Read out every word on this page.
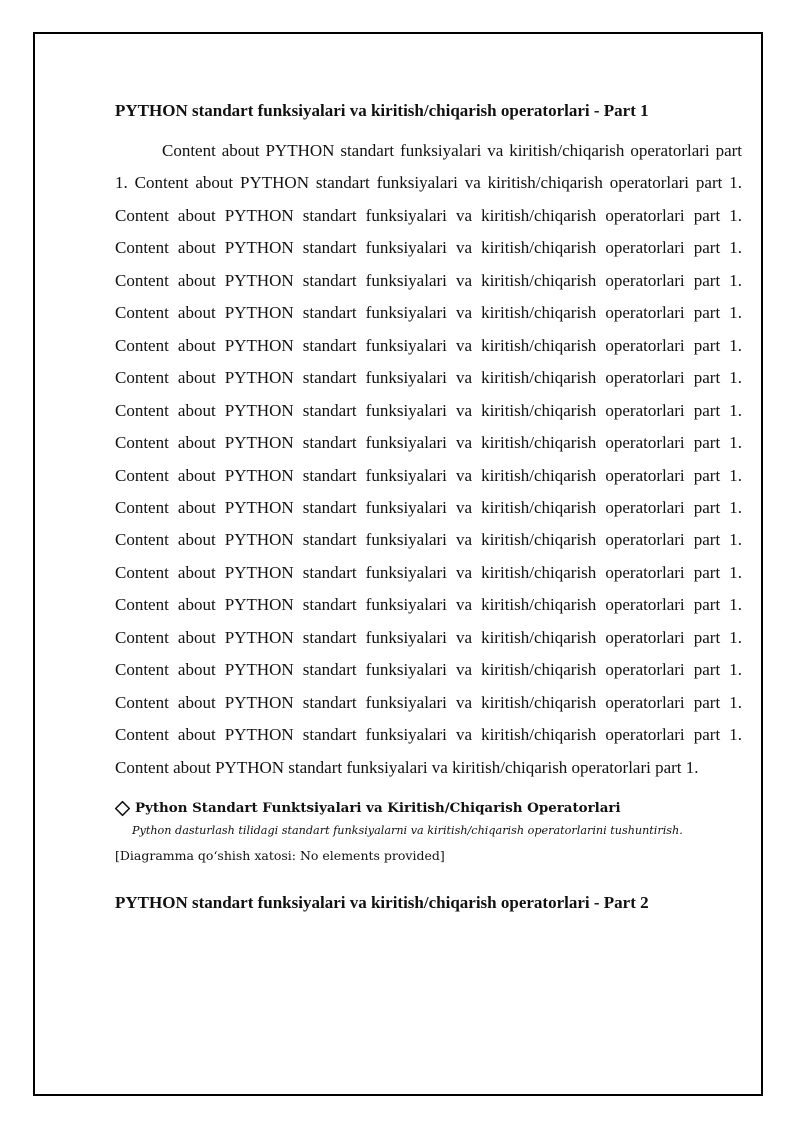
PYTHON standart funksiyalari va kiritish/chiqarish operatorlari - Part 1

Content about PYTHON standart funksiyalari va kiritish/chiqarish operatorlari part 1. Content about PYTHON standart funksiyalari va kiritish/chiqarish operatorlari part 1. Content about PYTHON standart funksiyalari va kiritish/chiqarish operatorlari part 1. Content about PYTHON standart funksiyalari va kiritish/chiqarish operatorlari part 1. Content about PYTHON standart funksiyalari va kiritish/chiqarish operatorlari part 1. Content about PYTHON standart funksiyalari va kiritish/chiqarish operatorlari part 1. Content about PYTHON standart funksiyalari va kiritish/chiqarish operatorlari part 1. Content about PYTHON standart funksiyalari va kiritish/chiqarish operatorlari part 1. Content about PYTHON standart funksiyalari va kiritish/chiqarish operatorlari part 1. Content about PYTHON standart funksiyalari va kiritish/chiqarish operatorlari part 1. Content about PYTHON standart funksiyalari va kiritish/chiqarish operatorlari part 1. Content about PYTHON standart funksiyalari va kiritish/chiqarish operatorlari part 1. Content about PYTHON standart funksiyalari va kiritish/chiqarish operatorlari part 1. Content about PYTHON standart funksiyalari va kiritish/chiqarish operatorlari part 1. Content about PYTHON standart funksiyalari va kiritish/chiqarish operatorlari part 1. Content about PYTHON standart funksiyalari va kiritish/chiqarish operatorlari part 1. Content about PYTHON standart funksiyalari va kiritish/chiqarish operatorlari part 1. Content about PYTHON standart funksiyalari va kiritish/chiqarish operatorlari part 1. Content about PYTHON standart funksiyalari va kiritish/chiqarish operatorlari part 1. Content about PYTHON standart funksiyalari va kiritish/chiqarish operatorlari part 1.

Python Standart Funktsiyalari va Kiritish/Chiqarish Operatorlari
Python dasturlash tilidagi standart funksiyalarni va kiritish/chiqarish operatorlarini tushuntirish.
[Diagramma qo‘shish xatosi: No elements provided]
PYTHON standart funksiyalari va kiritish/chiqarish operatorlari - Part 2
